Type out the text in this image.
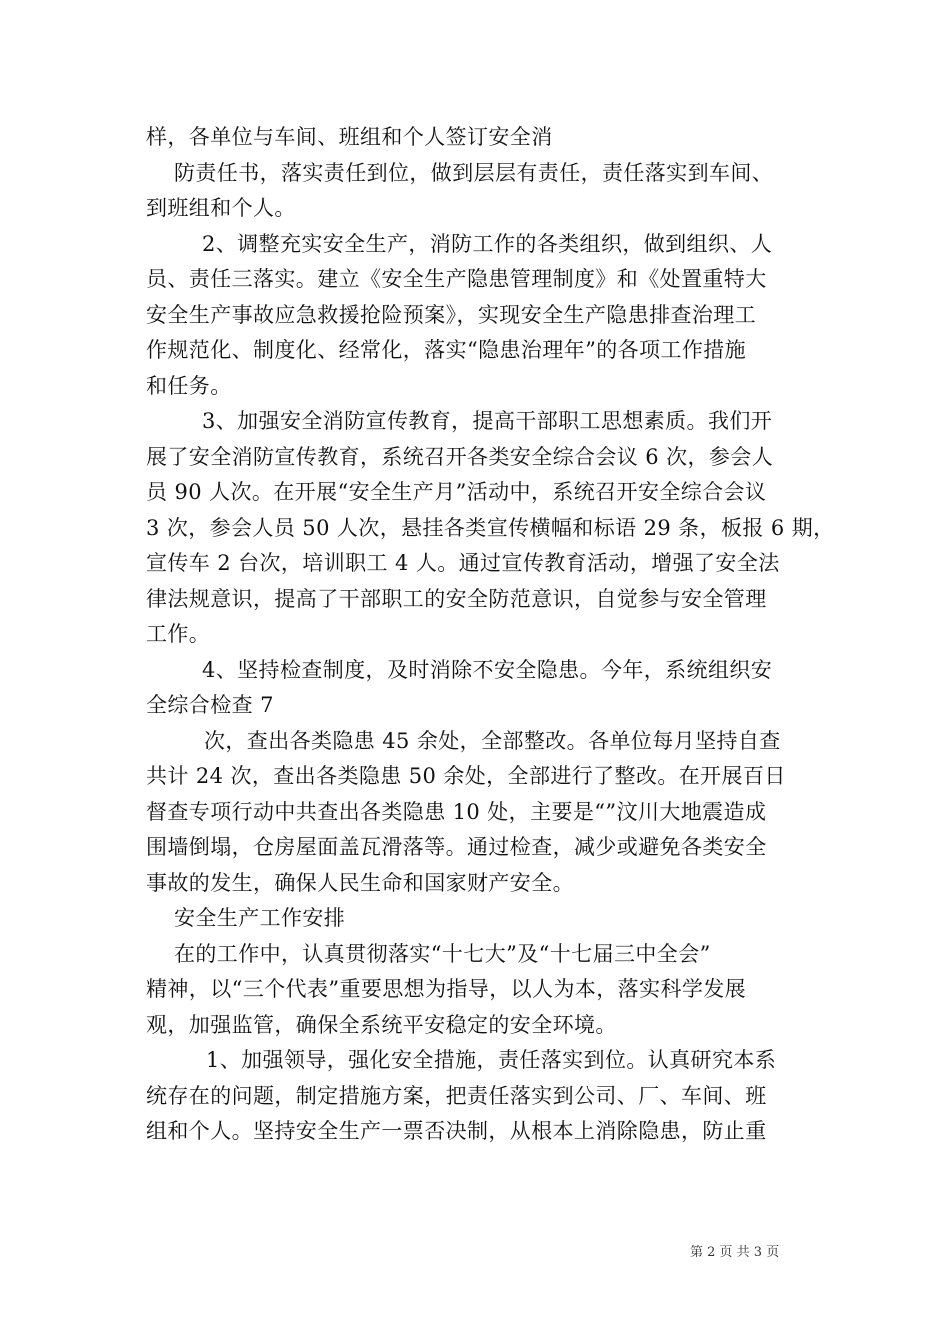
样，各单位与车间、班组和个人签订安全消
防责任书，落实责任到位，做到层层有责任，责任落实到车间、
到班组和个人。
2、调整充实安全生产，消防工作的各类组织，做到组织、人
员、责任三落实。建立《安全生产隐患管理制度》和《处置重特大
安全生产事故应急救援抢险预案》，实现安全生产隐患排查治理工
作规范化、制度化、经常化，落实“隐患治理年”的各项工作措施
和任务。
3、加强安全消防宣传教育，提高干部职工思想素质。我们开
展了安全消防宣传教育，系统召开各类安全综合会议 6 次，参会人
员 90 人次。在开展“安全生产月”活动中，系统召开安全综合会议
3 次，参会人员 50 人次，悬挂各类宣传横幅和标语 29 条，板报 6 期，
宣传车 2 台次，培训职工 4 人。通过宣传教育活动，增强了安全法
律法规意识，提高了干部职工的安全防范意识，自觉参与安全管理
工作。
4、坚持检查制度，及时消除不安全隐患。今年，系统组织安
全综合检查 7
次，查出各类隐患 45 余处，全部整改。各单位每月坚持自查
共计 24 次，查出各类隐患 50 余处，全部进行了整改。在开展百日
督查专项行动中共查出各类隐患 10 处，主要是“”汶川大地震造成
围墙倒塌，仓房屋面盖瓦滑落等。通过检查，减少或避免各类安全
事故的发生，确保人民生命和国家财产安全。
安全生产工作安排
在的工作中，认真贯彻落实“十七大”及“十七届三中全会”
精神，以“三个代表”重要思想为指导，以人为本，落实科学发展
观，加强监管，确保全系统平安稳定的安全环境。
1、加强领导，强化安全措施，责任落实到位。认真研究本系
统存在的问题，制定措施方案，把责任落实到公司、厂、车间、班
组和个人。坚持安全生产一票否决制，从根本上消除隐患，防止重
第 2 页 共 3 页
